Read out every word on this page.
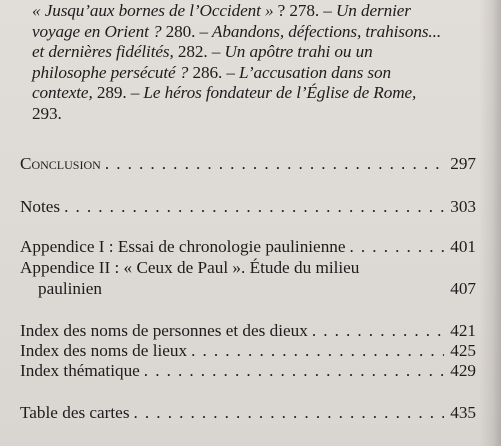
« Jusqu’aux bornes de l’Occident » ? 278. – Un dernier voyage en Orient ? 280. – Abandons, défections, trahisons... et dernières fidélités, 282. – Un apôtre trahi ou un philosophe persécuté ? 286. – L’accusation dans son contexte, 289. – Le héros fondateur de l’Église de Rome, 293.

Conclusion . . .	297
Notes . . .	303
Appendice I : Essai de chronologie paulinienne . . .	401
Appendice II : « Ceux de Paul ». Étude du milieu
paulinien	407
Index des noms de personnes et des dieux . . .	421
Index des noms de lieux . . .	425
Index thématique . . .	429
Table des cartes . . .	435
